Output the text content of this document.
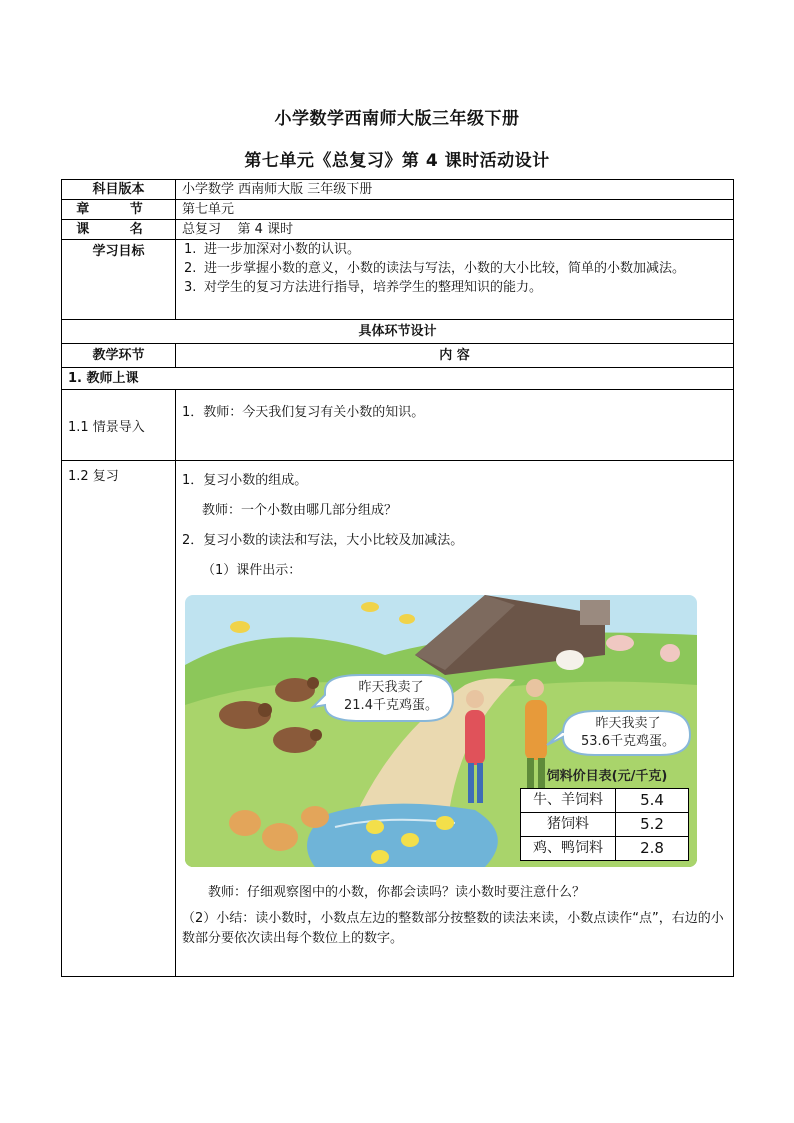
小学数学西南师大版三年级下册
第七单元《总复习》第 4 课时活动设计
科目版本	小学数学 西南师大版 三年级下册
章 节	第七单元
课 名	总复习    第 4 课时
学习目标	1. 进一步加深对小数的认识。
2. 进一步掌握小数的意义，小数的读法与写法，小数的大小比较，简单的小数加减法。
3. 对学生的复习方法进行指导，培养学生的整理知识的能力。

具体环节设计
教学环节	内 容
1. 教师上课
1.1 情景导入	1．教师：今天我们复习有关小数的知识。
1.2 复习	1．复习小数的组成。

教师：一个小数由哪几部分组成？

2．复习小数的读法和写法，大小比较及加减法。

（1）课件出示：

昨天我卖了
21.4千克鸡蛋。
昨天我卖了
53.6千克鸡蛋。
饲料价目表(元/千克)
牛、羊饲料	5.4
猪饲料	5.2
鸡、鸭饲料	2.8

教师：仔细观察图中的小数，你都会读吗？读小数时要注意什么？

（2）小结：读小数时，小数点左边的整数部分按整数的读法来读，小数点读作“点”，右边的小数部分要依次读出每个数位上的数字。
